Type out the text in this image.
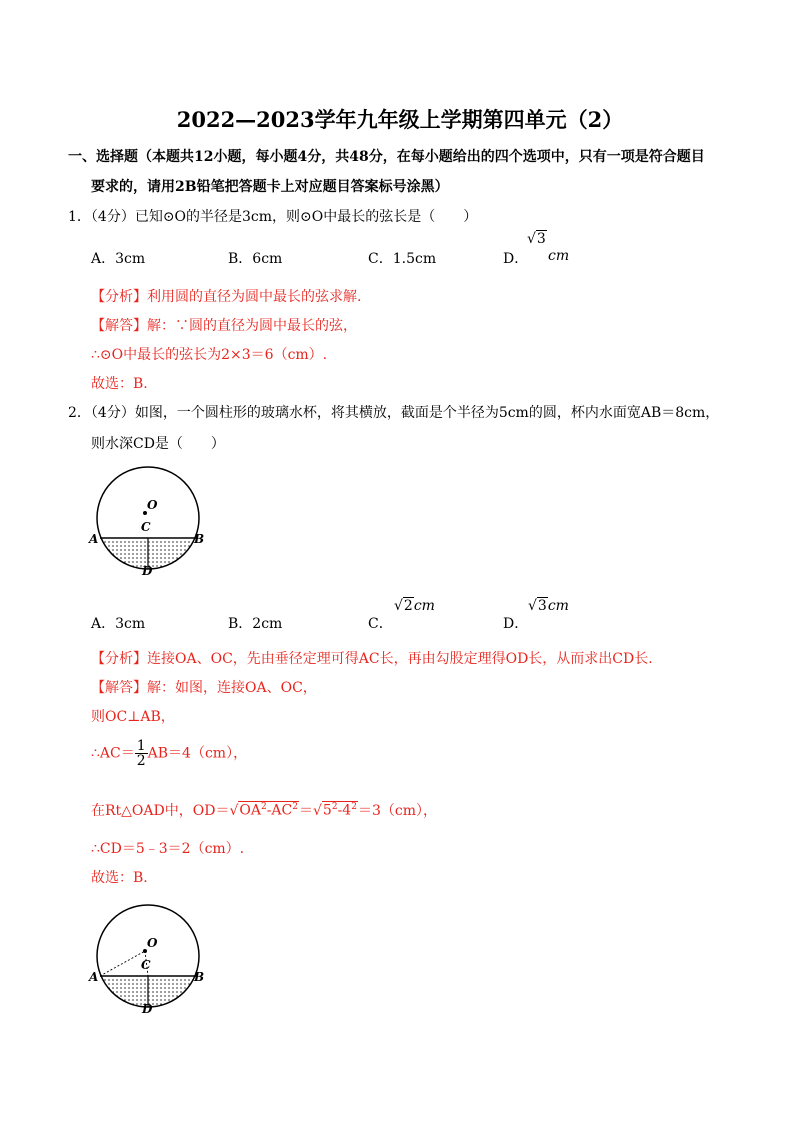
2022—2023学年九年级上学期第四单元（2）
一、选择题（本题共12小题，每小题4分，共48分，在每小题给出的四个选项中，只有一项是符合题目
要求的，请用2B铅笔把答题卡上对应题目答案标号涂黑）
1．（4分）已知⊙O的半径是3cm，则⊙O中最长的弦长是（　　）
A．3cm	B．6cm	C．1.5cm	D．
√3
cm
【分析】利用圆的直径为圆中最长的弦求解.
【解答】解：∵圆的直径为圆中最长的弦，
∴⊙O中最长的弦长为2×3＝6（cm）.
故选：B.
2．（4分）如图，一个圆柱形的玻璃水杯，将其横放，截面是个半径为5cm的圆，杯内水面宽AB＝8cm，
则水深CD是（　　）
O
C
A	B
D
A．3cm	B．2cm	C．
√2cm
D．
√3cm
【分析】连接OA、OC，先由垂径定理可得AC长，再由勾股定理得OD长，从而求出CD长.
【解答】解：如图，连接OA、OC，
则OC⊥AB，
∴AC＝ $\frac{1}{2} AB=4(cm)$，
在Rt△OAD中，$OD=√OA^2-AC^2=√5^2-4^2=3(cm)$，
∴CD＝5﹣3＝2（cm）.
故选：B.
O
C
A	B
D
